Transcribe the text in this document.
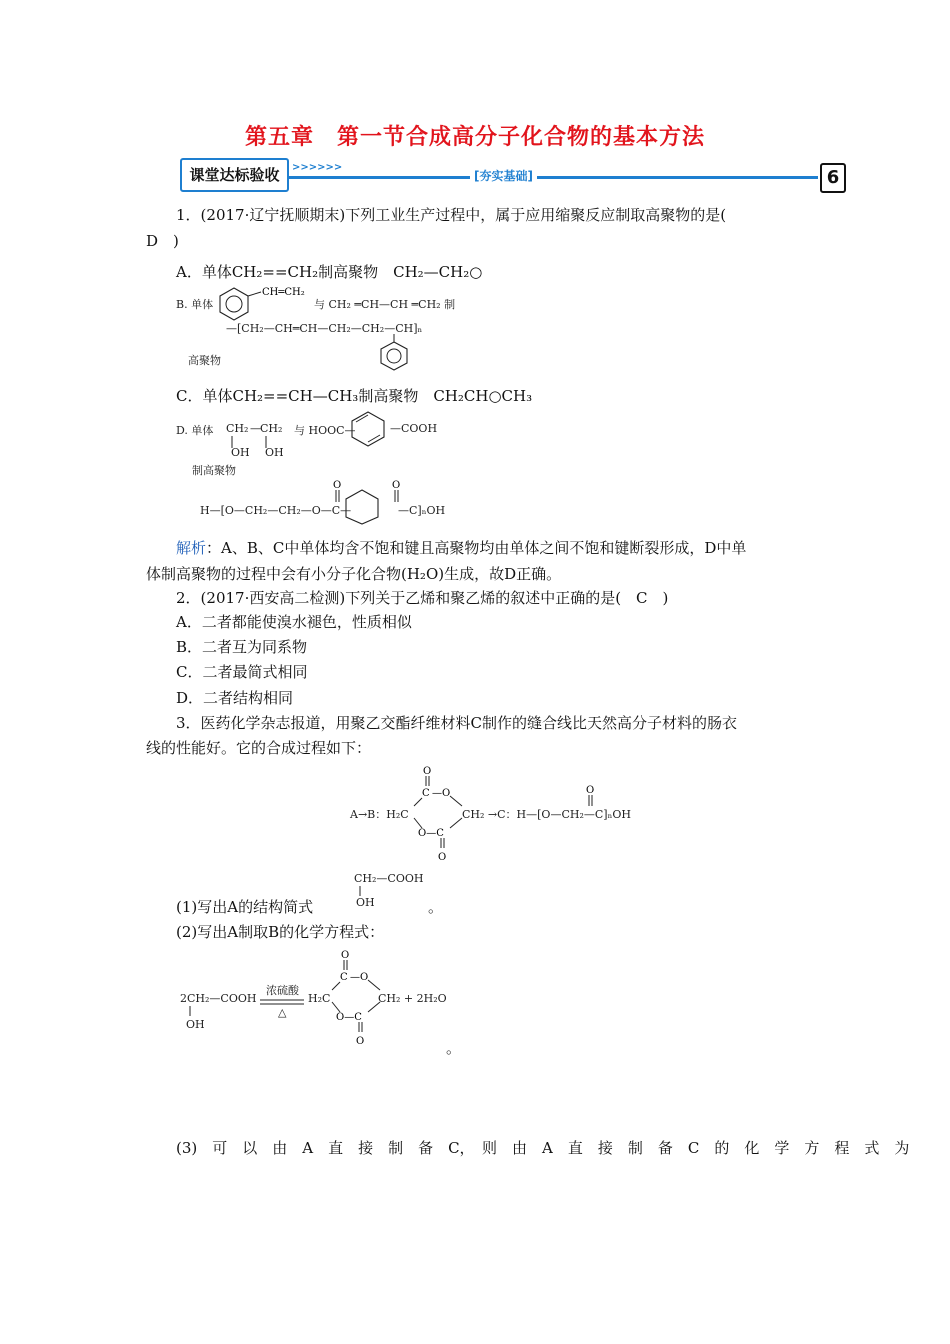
第五章　第一节合成高分子化合物的基本方法
课堂达标验收	>>>>>>
[夯实基础]	6
1．(2017·辽宁抚顺期末)下列工业生产过程中，属于应用缩聚反应制取高聚物的是(
D　)
A．单体CH₂==CH₂制高聚物　CH₂—CH₂○
B. 单体
CH═CH₂
与 CH₂ ═CH—CH ═CH₂ 制
—[CH₂—CH═CH—CH₂—CH₂—CH]ₙ
高聚物
C．单体CH₂==CH—CH₃制高聚物　CH₂CH○CH₃
D. 单体 CH₂ — CH₂
OH OH
与 HOOC—	—COOH
制高聚物
H—[O—CH₂—CH₂—O—C—
O	O
—C]ₙOH
解析：A、B、C中单体均含不饱和键且高聚物均由单体之间不饱和键断裂形成，D中单
体制高聚物的过程中会有小分子化合物(H₂O)生成，故D正确。
2．(2017·西安高二检测)下列关于乙烯和聚乙烯的叙述中正确的是(　C　)
A．二者都能使溴水褪色，性质相似
B．二者互为同系物
C．二者最简式相同
D．二者结构相同
3．医药化学杂志报道，用聚乙交酯纤维材料C制作的缝合线比天然高分子材料的肠衣
线的性能好。它的合成过程如下：
A→B：H₂C
O
C —O
O—C
O
CH₂ →C：H—[O—CH₂—C]ₙOH
O
(1)写出A的结构简式
CH₂—COOH
OH	。
(2)写出A制取B的化学方程式：
2CH₂—COOH
OH
浓硫酸
△
H₂C
O
C —O
O—C
O
CH₂ + 2H₂O
。
(3)　可　以　由　A　直　接　制　备　C，　则　由　A　直　接　制　备　C　的　化　学　方　程　式　为
